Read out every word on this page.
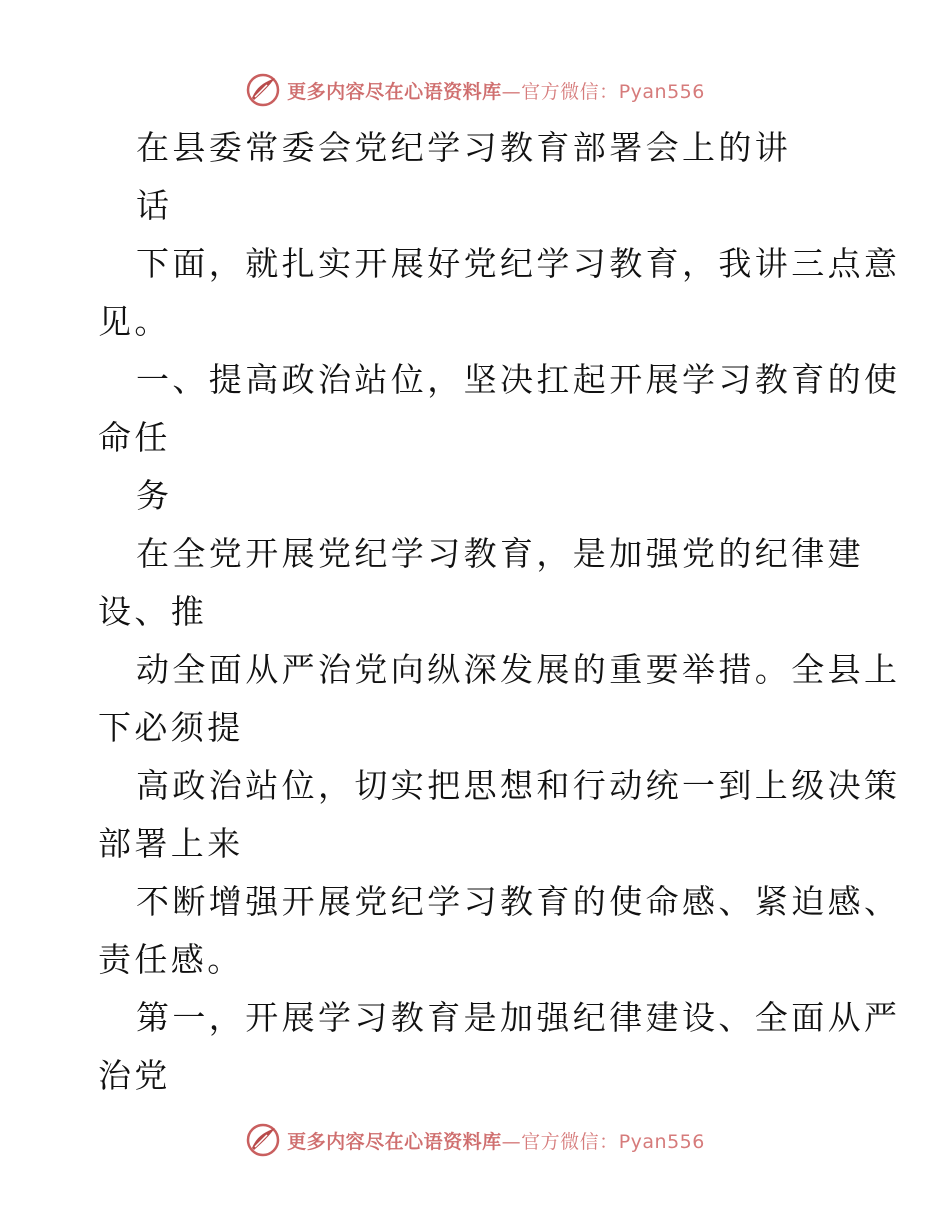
更多内容尽在心语资料库—官方微信：Pyan556
在县委常委会党纪学习教育部署会上的讲
话
下面，就扎实开展好党纪学习教育，我讲三点意
见。
一、提高政治站位，坚决扛起开展学习教育的使
命任
务
在全党开展党纪学习教育，是加强党的纪律建
设、推
动全面从严治党向纵深发展的重要举措。全县上
下必须提
高政治站位，切实把思想和行动统一到上级决策
部署上来
不断增强开展党纪学习教育的使命感、紧迫感、
责任感。
第一，开展学习教育是加强纪律建设、全面从严
治党
更多内容尽在心语资料库—官方微信：Pyan556
